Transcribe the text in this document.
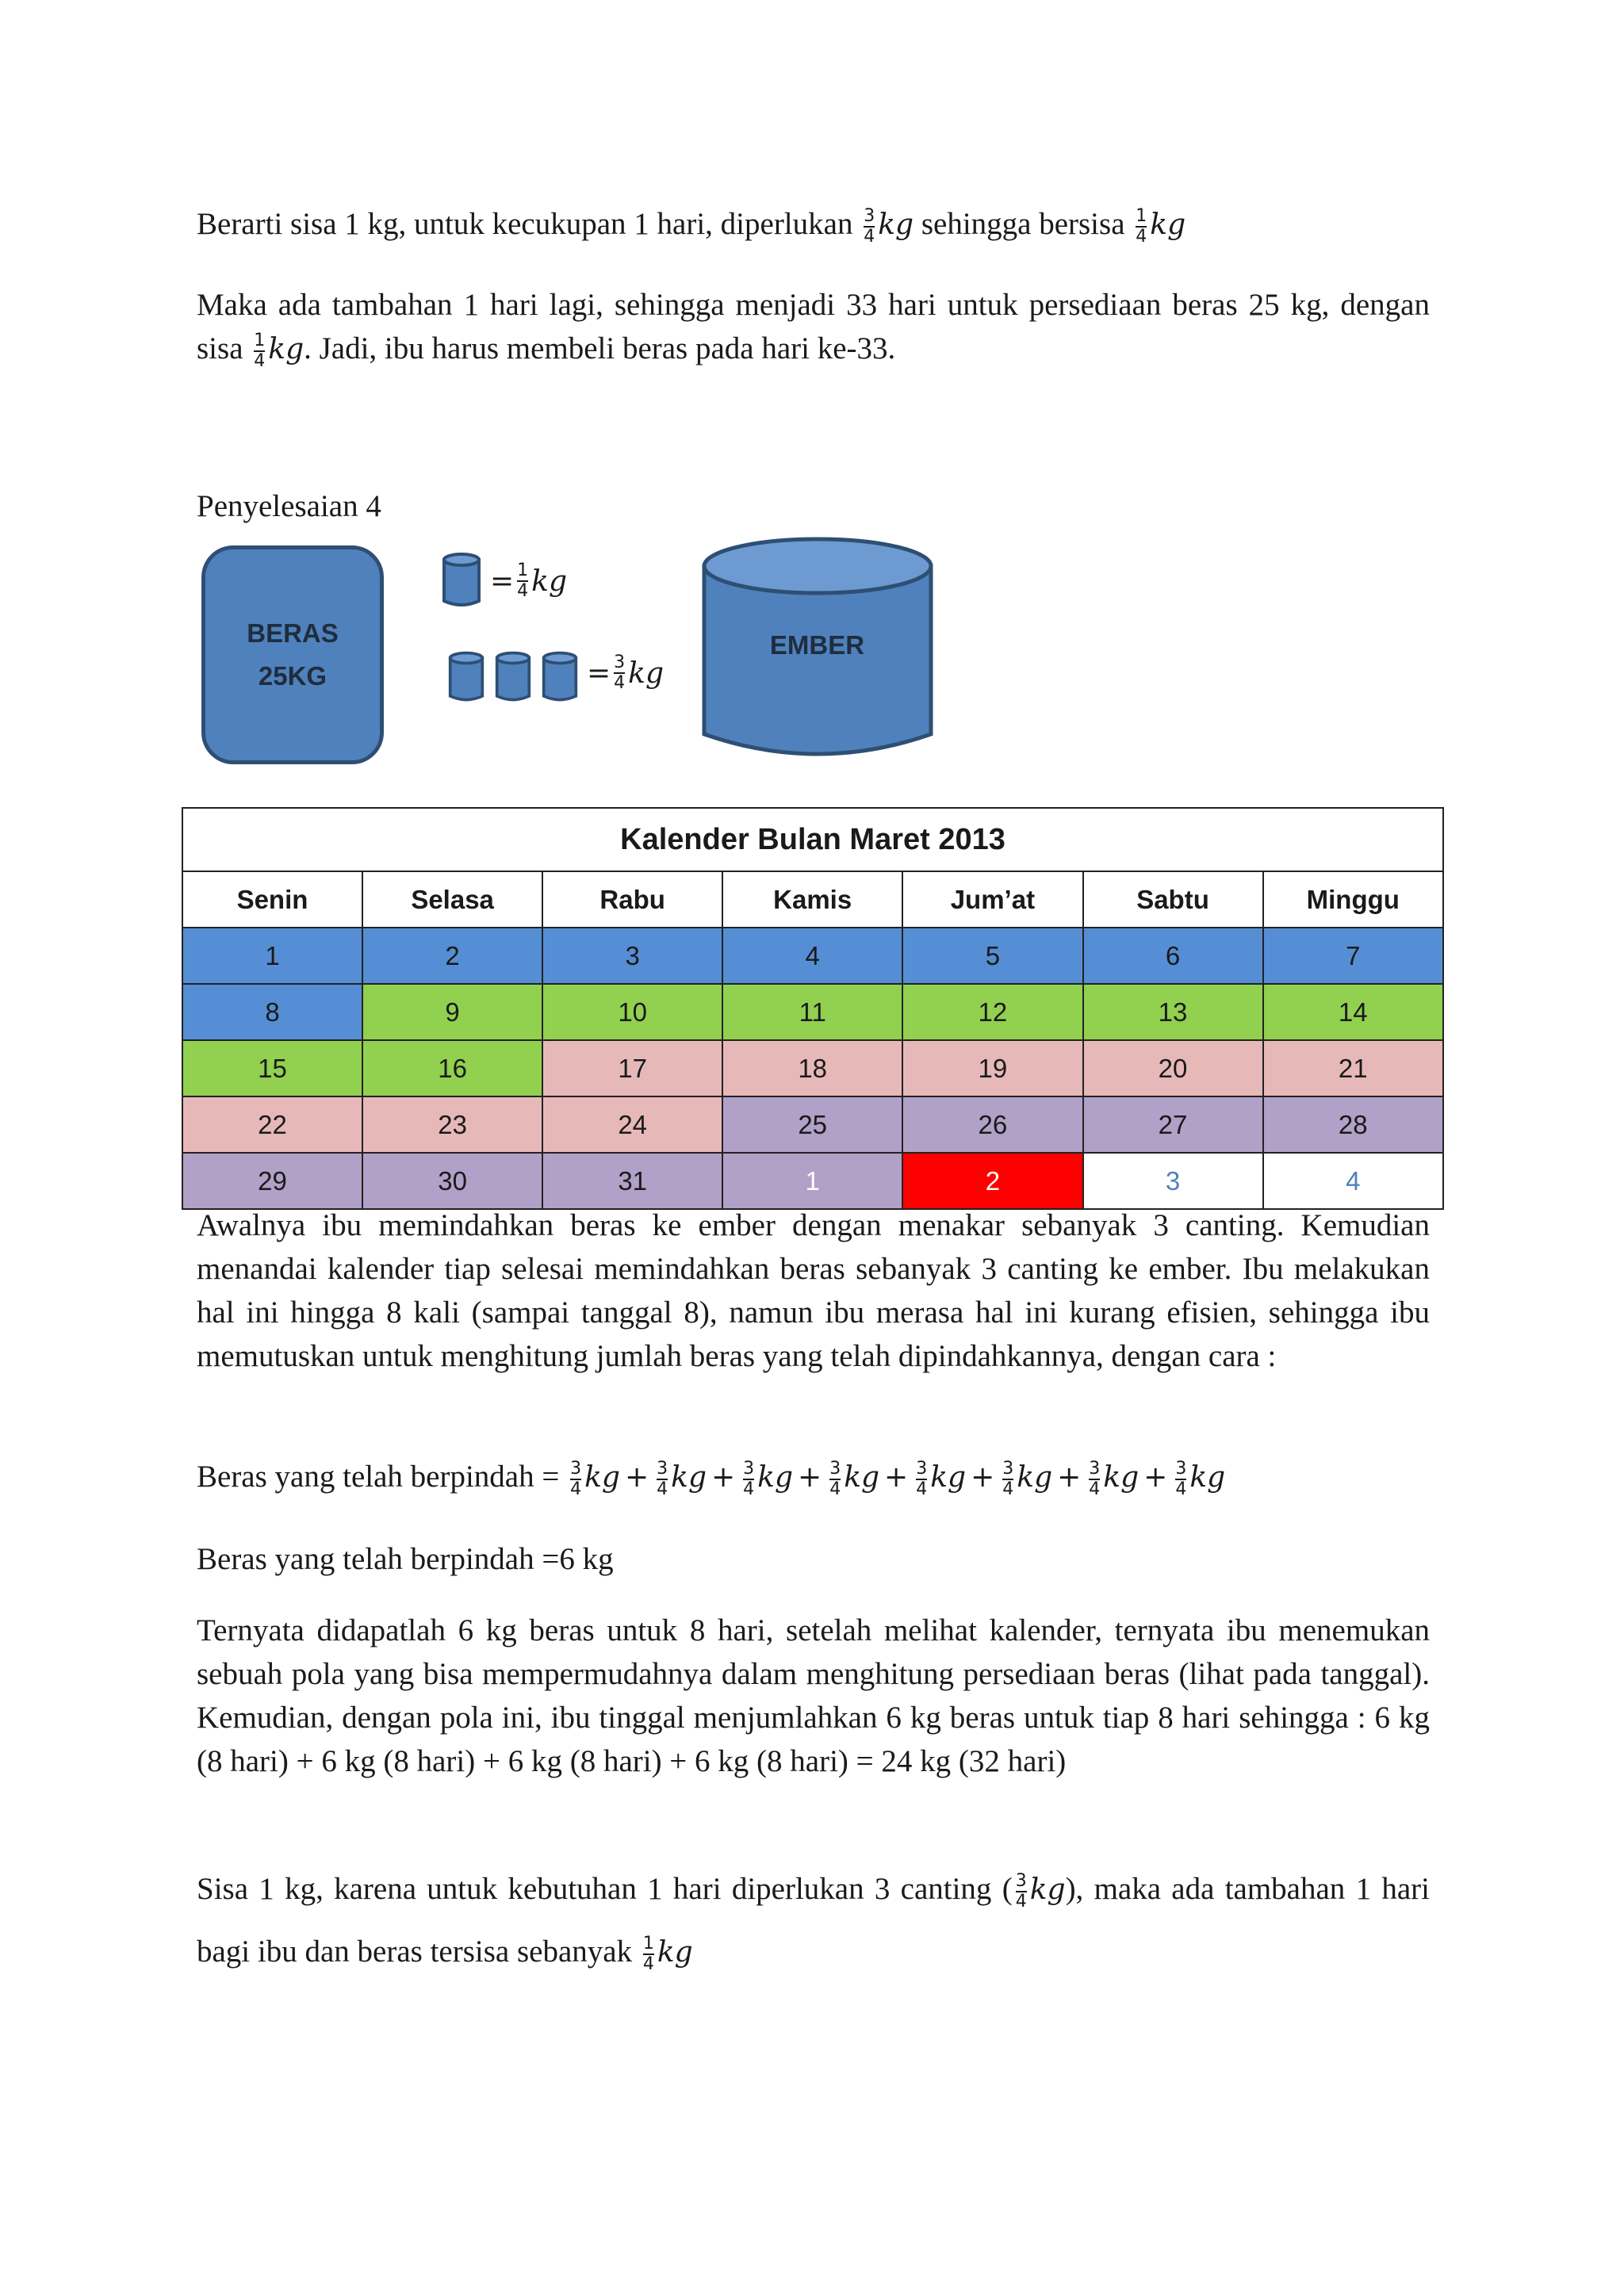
Berarti sisa 1 kg, untuk kecukupan 1 hari, diperlukan $\frac{3}{4}$ kg sehingga bersisa $\frac{1}{4}$ kg
Maka ada tambahan 1 hari lagi, sehingga menjadi 33 hari untuk persediaan beras 25 kg, dengan sisa $\frac{1}{4}$ kg. Jadi, ibu harus membeli beras pada hari ke-33.
Penyelesaian 4
BERAS
25KG
= $\frac{1}{4}$ kg
= $\frac{3}{4}$ kg
EMBER
Kalender Bulan Maret 2013						
Senin	Selasa	Rabu	Kamis	Jum’at	Sabtu	Minggu
1	2	3	4	5	6	7
8	9	10	11	12	13	14
15	16	17	18	19	20	21
22	23	24	25	26	27	28
29	30	31	1	2	3	4
Awalnya ibu memindahkan beras ke ember dengan menakar sebanyak 3 canting. Kemudian menandai kalender tiap selesai memindahkan beras sebanyak 3 canting ke ember. Ibu melakukan hal ini hingga 8 kali (sampai tanggal 8), namun ibu merasa hal ini kurang efisien, sehingga ibu memutuskan untuk menghitung jumlah beras yang telah dipindahkannya, dengan cara :
Beras yang telah berpindah = $\frac{3}{4}$ kg + $\frac{3}{4}$ kg + $\frac{3}{4}$ kg + $\frac{3}{4}$ kg + $\frac{3}{4}$ kg + $\frac{3}{4}$ kg + $\frac{3}{4}$ kg + $\frac{3}{4}$ kg
Beras yang telah berpindah =6 kg
Ternyata didapatlah 6 kg beras untuk 8 hari, setelah melihat kalender, ternyata ibu menemukan sebuah pola yang bisa mempermudahnya dalam menghitung persediaan beras (lihat pada tanggal). Kemudian, dengan pola ini, ibu tinggal menjumlahkan 6 kg beras untuk tiap 8 hari sehingga : 6 kg (8 hari) + 6 kg (8 hari) + 6 kg (8 hari) + 6 kg (8 hari) = 24 kg (32 hari)
Sisa 1 kg, karena untuk kebutuhan 1 hari diperlukan 3 canting ( $\frac{3}{4} kg$), maka ada tambahan 1 hari bagi ibu dan beras tersisa sebanyak $\frac{1}{4}$ kg
